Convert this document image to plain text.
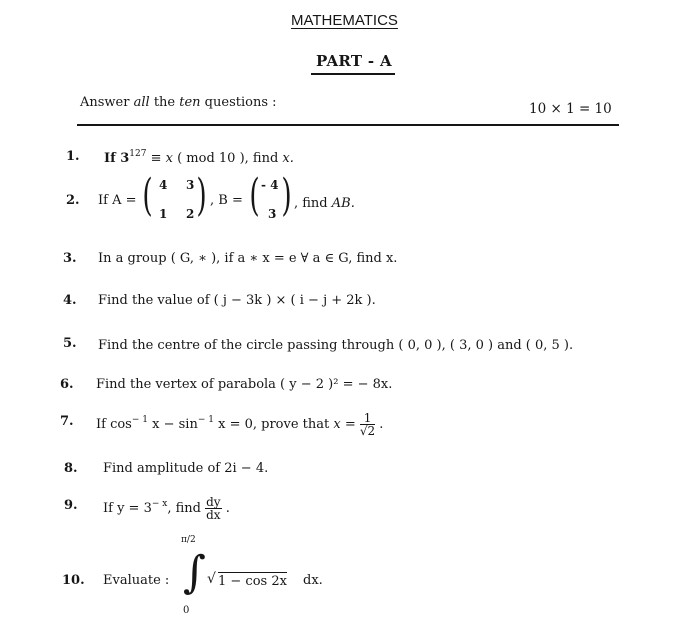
MATHEMATICS
PART - A
Answer all the ten questions :	10 × 1 = 10
1. If $3^{127} \equiv x$ ( mod 10 ), find x.
2. If A = ( 4 3
1 2 ) , B = ( - 4
3 ) , find AB.
3. In a group ( G, ∗ ), if a ∗ x = e ∀ a ∈ G, find x.
4. Find the value of ( j − 3k ) × ( i − j + 2k ).
5. Find the centre of the circle passing through ( 0, 0 ), ( 3, 0 ) and ( 0, 5 ).
6. Find the vertex of parabola ( y − 2 )² = − 8x.
7. If $\cos^{- 1} x - \sin^{- 1} x = 0$, prove that $x = \frac{1}{√2}$ .
8. Find amplitude of 2i − 4.
9. If $y = 3^{- x}$, find $\frac{dy}{dx}$ .
10. Evaluate :
π/2
∫
0
√ 1 − cos 2x dx.
